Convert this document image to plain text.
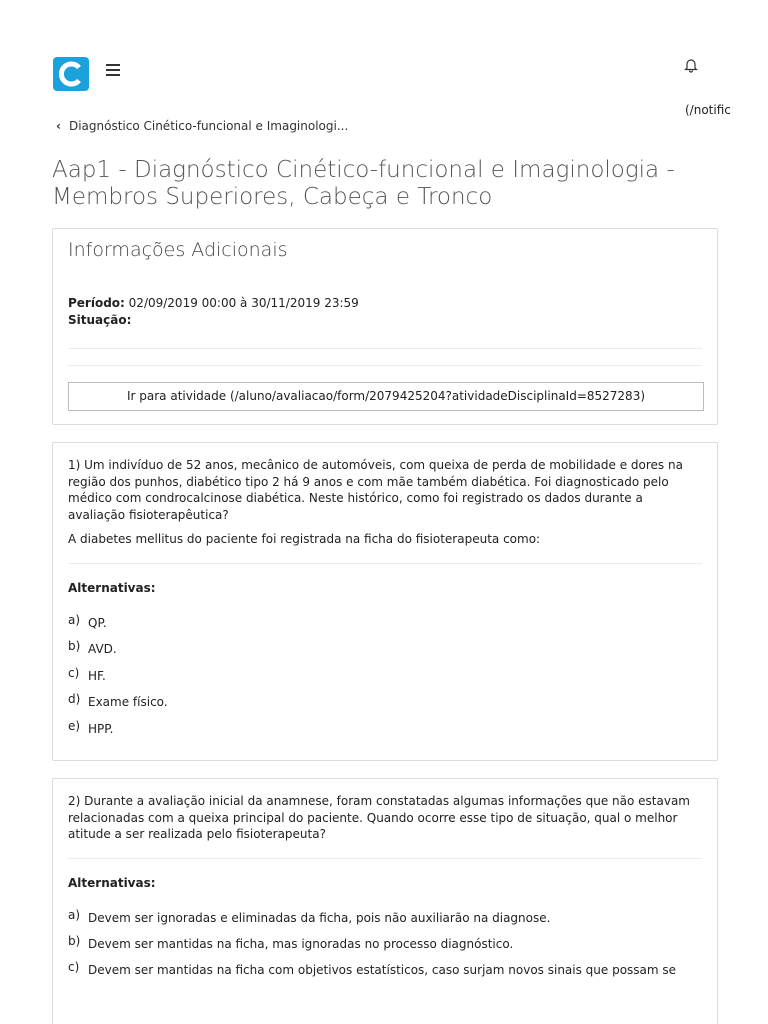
(/notific
‹ Diagnóstico Cinético-funcional e Imaginologi...
Aap1 - Diagnóstico Cinético-funcional e Imaginologia - Membros Superiores, Cabeça e Tronco
Informações Adicionais
Período: 02/09/2019 00:00 à 30/11/2019 23:59
Situação:
Ir para atividade (/aluno/avaliacao/form/2079425204?atividadeDisciplinaId=8527283)
1) Um indivíduo de 52 anos, mecânico de automóveis, com queixa de perda de mobilidade e dores na região dos punhos, diabético tipo 2 há 9 anos e com mãe também diabética. Foi diagnosticado pelo médico com condrocalcinose diabética. Neste histórico, como foi registrado os dados durante a avaliação fisioterapêutica?
A diabetes mellitus do paciente foi registrada na ficha do fisioterapeuta como:
Alternativas:
a) QP.
b) AVD.
c) HF.
d) Exame físico.
e) HPP.
2) Durante a avaliação inicial da anamnese, foram constatadas algumas informações que não estavam relacionadas com a queixa principal do paciente. Quando ocorre esse tipo de situação, qual o melhor atitude a ser realizada pelo fisioterapeuta?
Alternativas:
a) Devem ser ignoradas e eliminadas da ficha, pois não auxiliarão na diagnose.
b) Devem ser mantidas na ficha, mas ignoradas no processo diagnóstico.
c) Devem ser mantidas na ficha com objetivos estatísticos, caso surjam novos sinais que possam se
